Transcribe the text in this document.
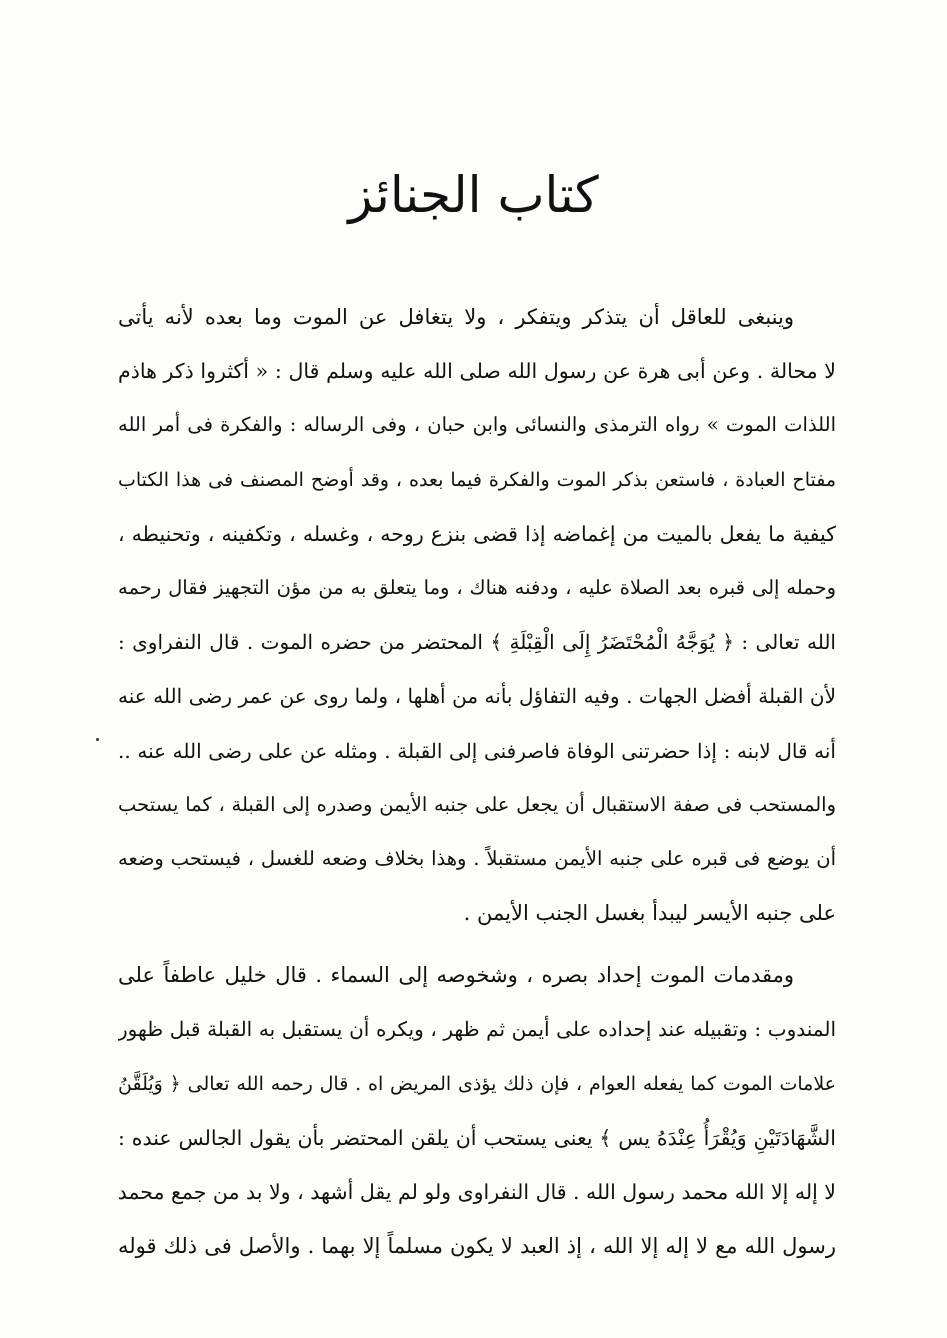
كتاب الجنائز
وينبغى للعاقل أن يتذكر ويتفكر ، ولا يتغافل عن الموت وما بعده لأنه يأتى
لا محالة . وعن أبى هرة عن رسول الله صلى الله عليه وسلم قال : « أكثروا ذكر هاذم
اللذات الموت » رواه الترمذى والنسائى وابن حبان ، وفى الرساله : والفكرة فى أمر الله
مفتاح العبادة ، فاستعن بذكر الموت والفكرة فيما بعده ، وقد أوضح المصنف فى هذا الكتاب
كيفية ما يفعل بالميت من إغماضه إذا قضى بنزع روحه ، وغسله ، وتكفينه ، وتحنيطه ،
وحمله إلى قبره بعد الصلاة عليه ، ودفنه هناك ، وما يتعلق به من مؤن التجهيز فقال رحمه
الله تعالى : ﴿ يُوَجَّهُ الْمُحْتَضَرُ إِلَى الْقِبْلَةِ ﴾ المحتضر من حضره الموت . قال النفراوى :
لأن القبلة أفضل الجهات . وفيه التفاؤل بأنه من أهلها ، ولما روى عن عمر رضى الله عنه
أنه قال لابنه : إذا حضرتنى الوفاة فاصرفنى إلى القبلة . ومثله عن على رضى الله عنه ..
والمستحب فى صفة الاستقبال أن يجعل على جنبه الأيمن وصدره إلى القبلة ، كما يستحب
أن يوضع فى قبره على جنبه الأيمن مستقبلاً . وهذا بخلاف وضعه للغسل ، فيستحب وضعه
على جنبه الأيسر ليبدأ بغسل الجنب الأيمن .
ومقدمات الموت إحداد بصره ، وشخوصه إلى السماء . قال خليل عاطفاً على
المندوب : وتقبيله عند إحداده على أيمن ثم ظهر ، ويكره أن يستقبل به القبلة قبل ظهور
علامات الموت كما يفعله العوام ، فإن ذلك يؤذى المريض اه . قال رحمه الله تعالى ﴿ وَيُلَقَّنُ
الشَّهَادَتَيْنِ وَيُقْرَأُ عِنْدَهُ يس ﴾ يعنى يستحب أن يلقن المحتضر بأن يقول الجالس عنده :
لا إله إلا الله محمد رسول الله . قال النفراوى ولو لم يقل أشهد ، ولا بد من جمع محمد
رسول الله مع لا إله إلا الله ، إذ العبد لا يكون مسلماً إلا بهما . والأصل فى ذلك قوله
